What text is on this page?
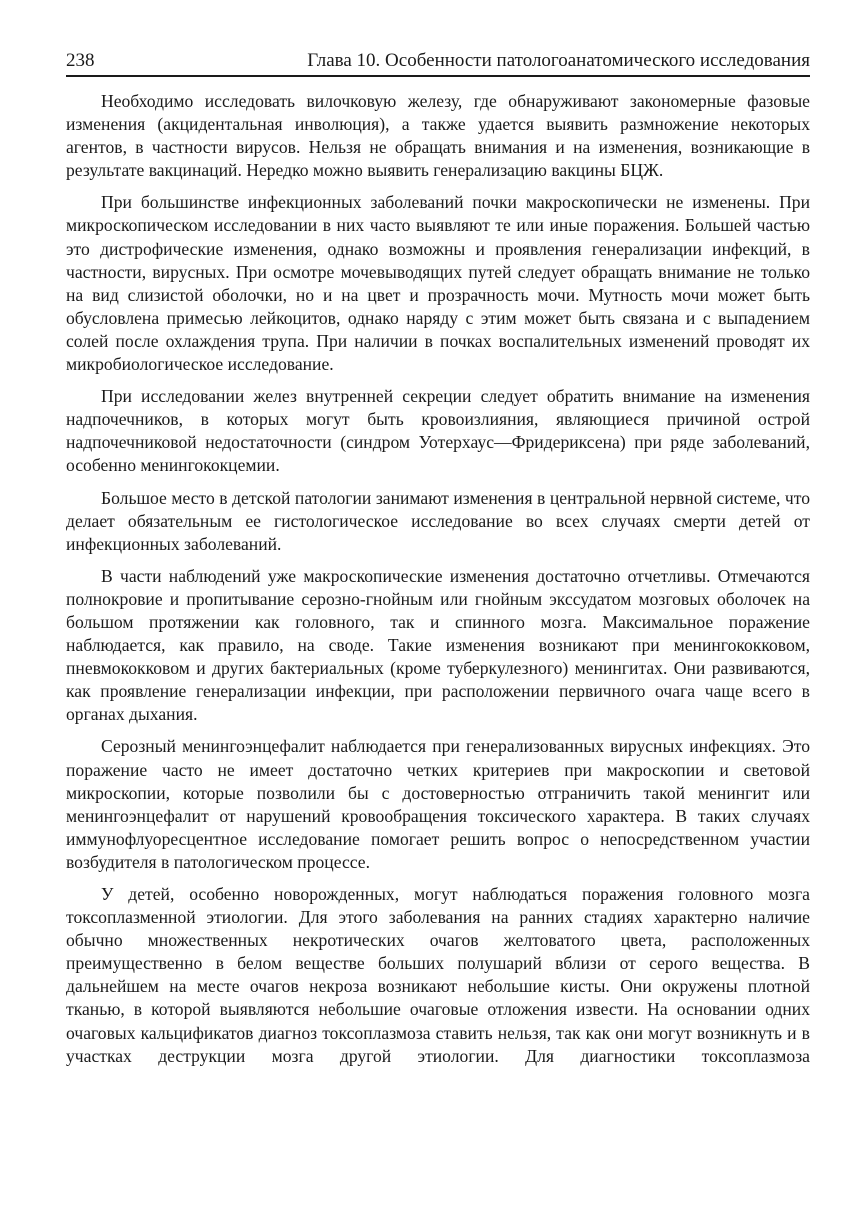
238	Глава 10. Особенности патологоанатомического исследования

Необходимо исследовать вилочковую железу, где обнаруживают закономерные фазовые изменения (акцидентальная инволюция), а также удается выявить размножение некоторых агентов, в частности вирусов. Нельзя не обращать внимания и на изменения, возникающие в результате вакцинаций. Нередко можно выявить генерализацию вакцины БЦЖ.

При большинстве инфекционных заболеваний почки макроскопически не изменены. При микроскопическом исследовании в них часто выявляют те или иные поражения. Большей частью это дистрофические изменения, однако возможны и проявления генерализации инфекций, в частности, вирусных. При осмотре мочевыводящих путей следует обращать внимание не только на вид слизистой оболочки, но и на цвет и прозрачность мочи. Мутность мочи может быть обусловлена примесью лейкоцитов, однако наряду с этим может быть связана и с выпадением солей после охлаждения трупа. При наличии в почках воспалительных изменений проводят их микробиологическое исследование.

При исследовании желез внутренней секреции следует обратить внимание на изменения надпочечников, в которых могут быть кровоизлияния, являющиеся причиной острой надпочечниковой недостаточности (синдром Уотерхаус—Фридериксена) при ряде заболеваний, особенно менингококцемии.

Большое место в детской патологии занимают изменения в центральной нервной системе, что делает обязательным ее гистологическое исследование во всех случаях смерти детей от инфекционных заболеваний.

В части наблюдений уже макроскопические изменения достаточно отчетливы. Отмечаются полнокровие и пропитывание серозно-гнойным или гнойным экссудатом мозговых оболочек на большом протяжении как головного, так и спинного мозга. Максимальное поражение наблюдается, как правило, на своде. Такие изменения возникают при менингококковом, пневмококковом и других бактериальных (кроме туберкулезного) менингитах. Они развиваются, как проявление генерализации инфекции, при расположении первичного очага чаще всего в органах дыхания.

Серозный менингоэнцефалит наблюдается при генерализованных вирусных инфекциях. Это поражение часто не имеет достаточно четких критериев при макроскопии и световой микроскопии, которые позволили бы с достоверностью отграничить такой менингит или менингоэнцефалит от нарушений кровообращения токсического характера. В таких случаях иммунофлуоресцентное исследование помогает решить вопрос о непосредственном участии возбудителя в патологическом процессе.

У детей, особенно новорожденных, могут наблюдаться поражения головного мозга токсоплазменной этиологии. Для этого заболевания на ранних стадиях характерно наличие обычно множественных некротических очагов желтоватого цвета, расположенных преимущественно в белом веществе больших полушарий вблизи от серого вещества. В дальнейшем на месте очагов некроза возникают небольшие кисты. Они окружены плотной тканью, в которой выявляются небольшие очаговые отложения извести. На основании одних очаговых кальцификатов диагноз токсоплазмоза ставить нельзя, так как они могут возникнуть и в участках деструкции мозга другой этиологии. Для диагностики токсоплазмоза
